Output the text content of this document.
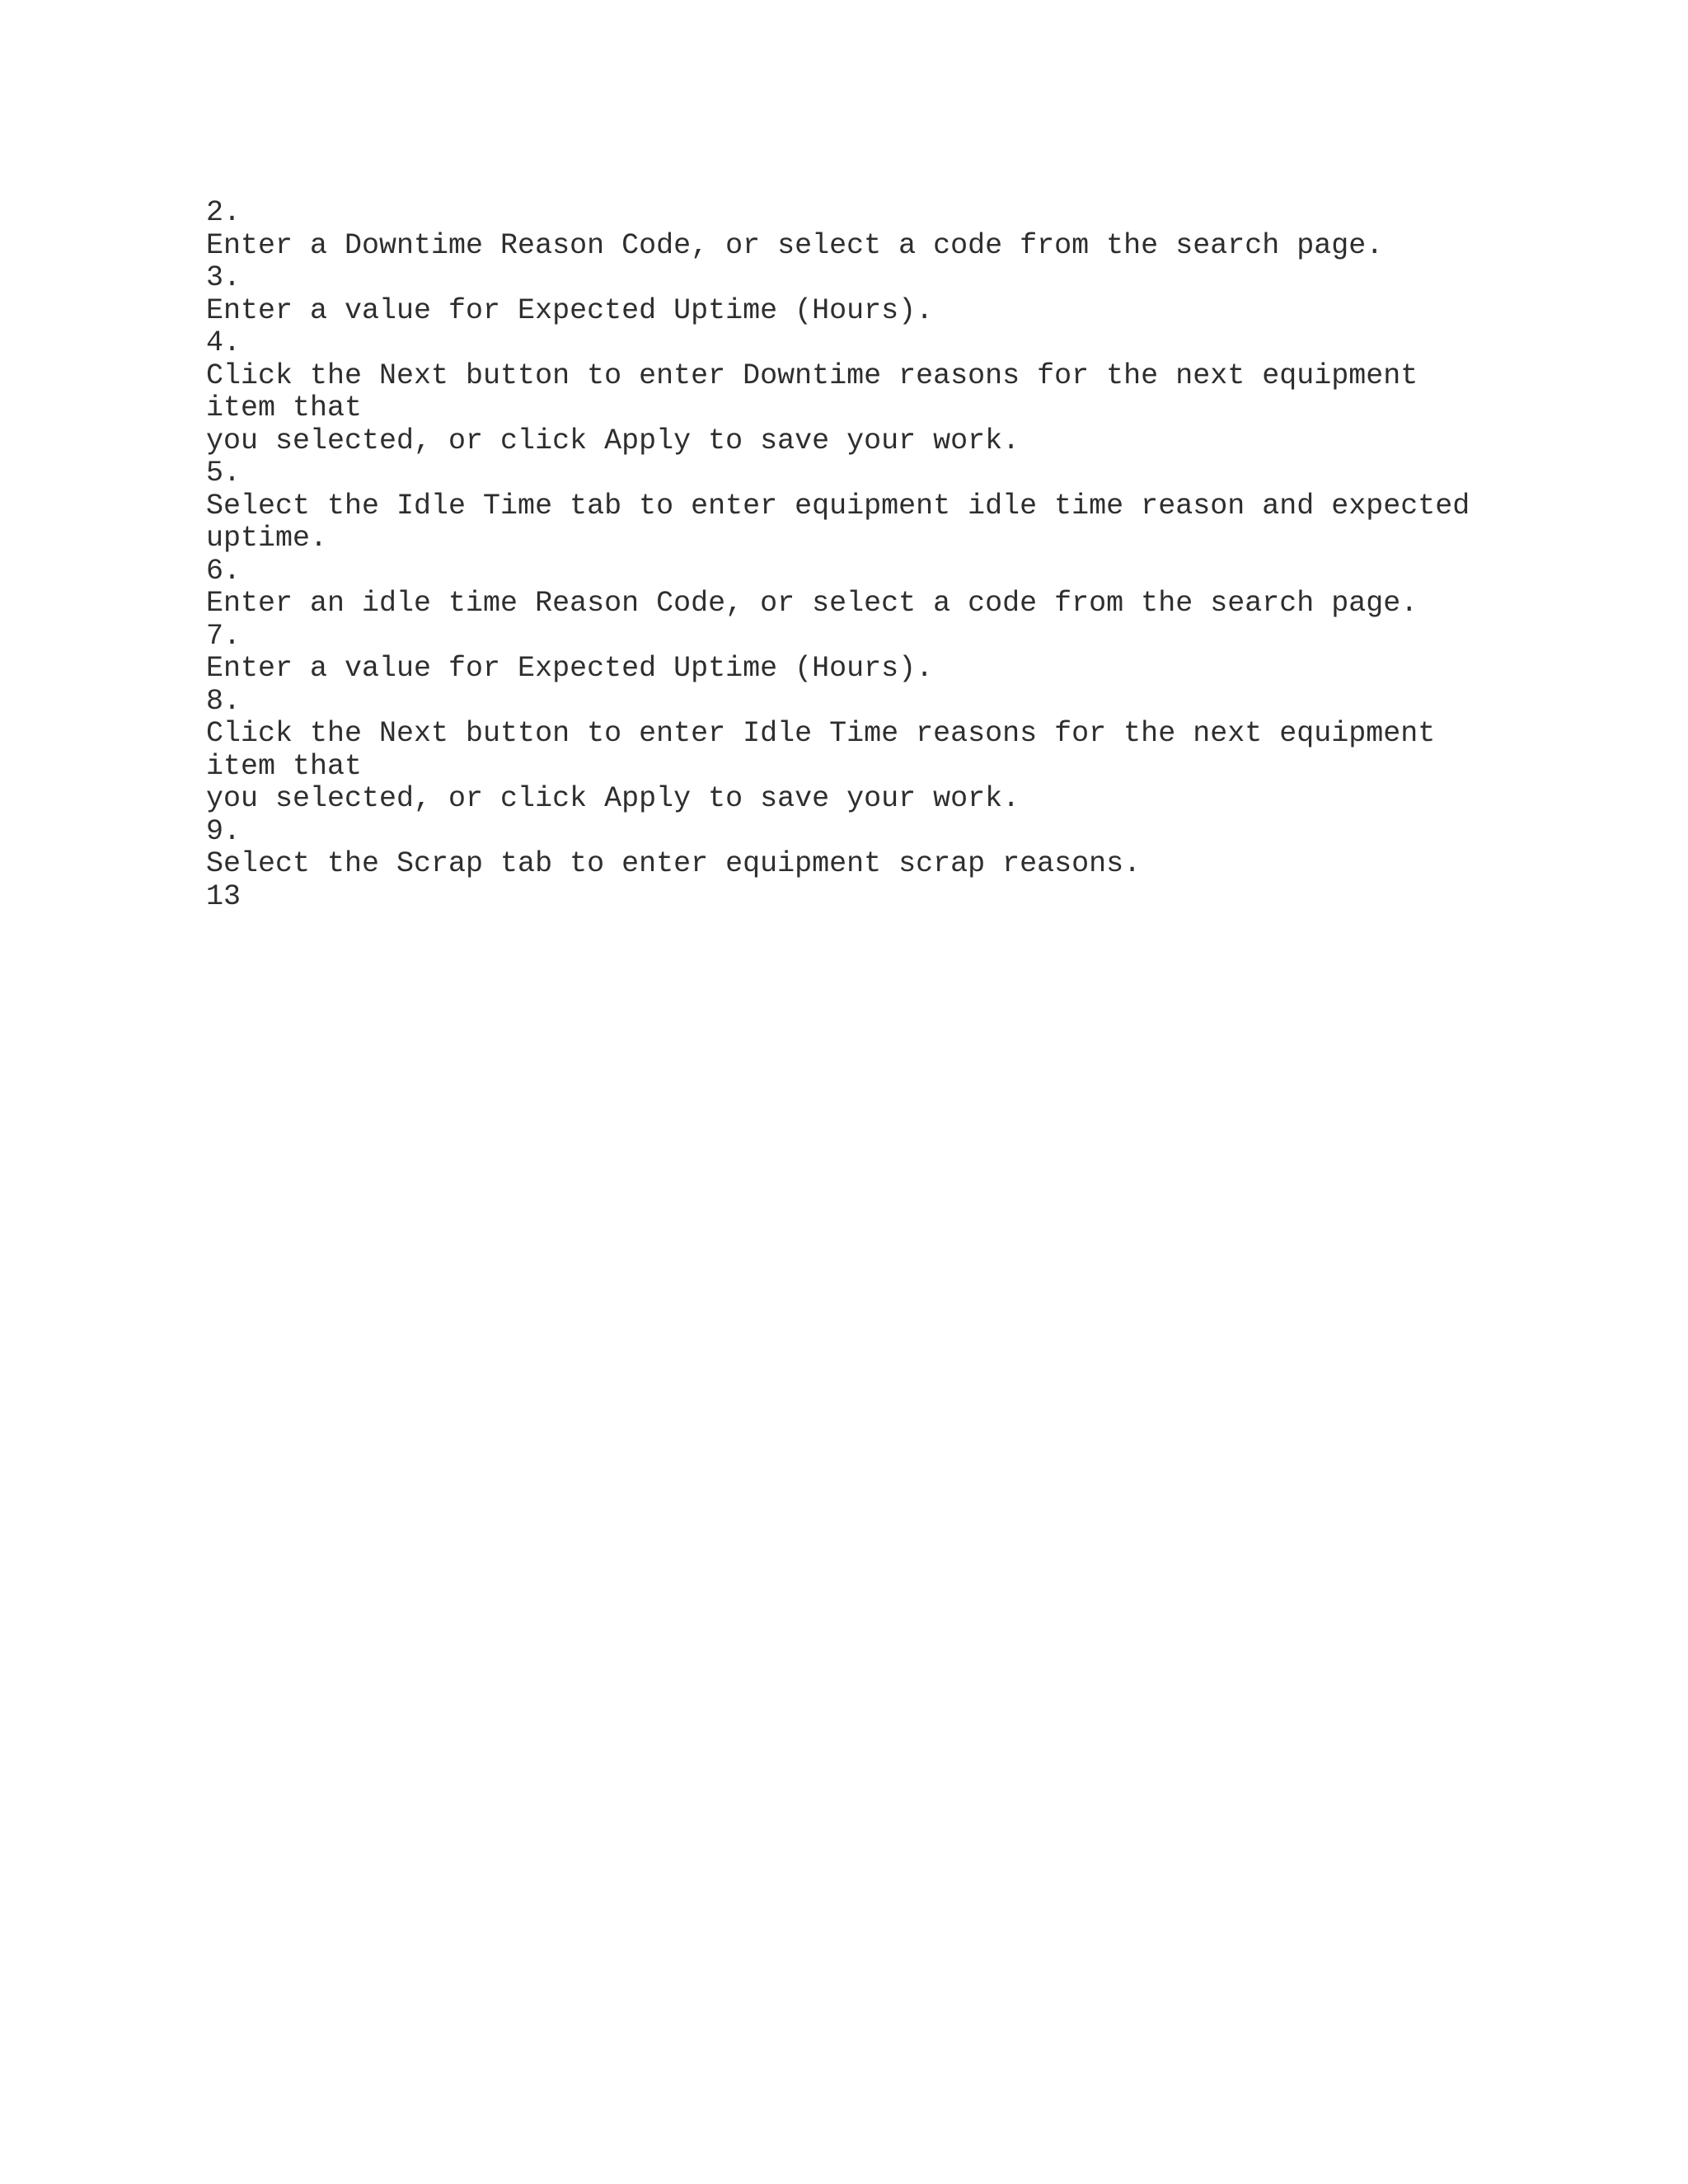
2.

Enter a Downtime Reason Code, or select a code from the search page.

3.

Enter a value for Expected Uptime (Hours).

4.

Click the Next button to enter Downtime reasons for the next equipment

item that

you selected, or click Apply to save your work.

5.

Select the Idle Time tab to enter equipment idle time reason and expected

uptime.

6.

Enter an idle time Reason Code, or select a code from the search page.

7.

Enter a value for Expected Uptime (Hours).

8.

Click the Next button to enter Idle Time reasons for the next equipment

item that

you selected, or click Apply to save your work.

9.

Select the Scrap tab to enter equipment scrap reasons.

13
